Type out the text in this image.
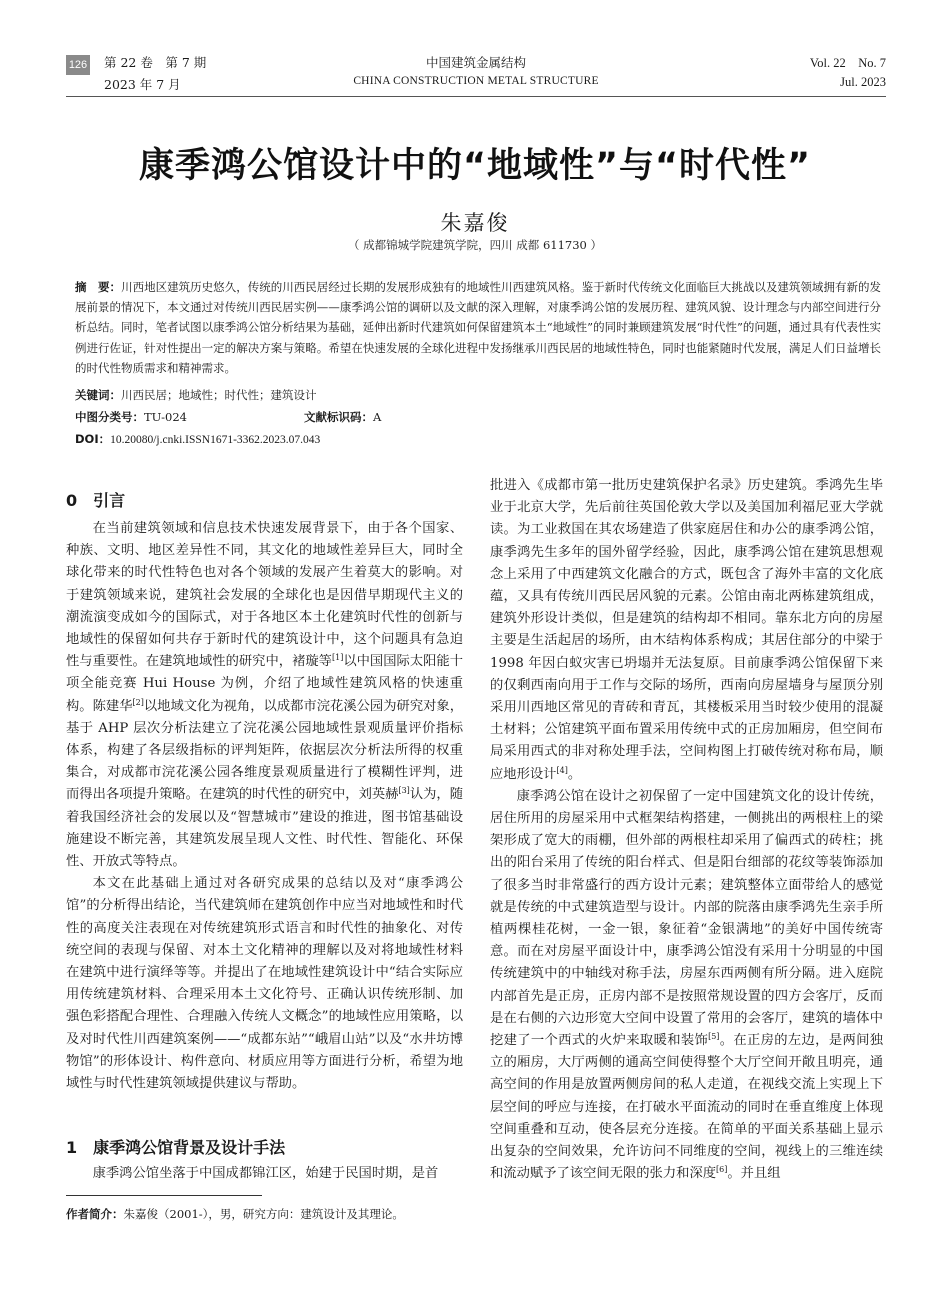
126 第 22 卷　第 7 期
2023 年 7 月
中国建筑金属结构
CHINA CONSTRUCTION METAL STRUCTURE
Vol. 22　No. 7
Jul. 2023
康季鸿公馆设计中的“地域性”与“时代性”
朱嘉俊
（ 成都锦城学院建筑学院，四川 成都 611730 ）
摘　要：川西地区建筑历史悠久，传统的川西民居经过长期的发展形成独有的地域性川西建筑风格。鉴于新时代传统文化面临巨大挑战以及建筑领域拥有新的发展前景的情况下，本文通过对传统川西民居实例——康季鸿公馆的调研以及文献的深入理解，对康季鸿公馆的发展历程、建筑风貌、设计理念与内部空间进行分析总结。同时，笔者试图以康季鸿公馆分析结果为基础，延伸出新时代建筑如何保留建筑本土“地域性”的同时兼顾建筑发展“时代性”的问题，通过具有代表性实例进行佐证，针对性提出一定的解决方案与策略。希望在快速发展的全球化进程中发扬继承川西民居的地域性特色，同时也能紧随时代发展，满足人们日益增长的时代性物质需求和精神需求。
关键词：川西民居；地域性；时代性；建筑设计
中图分类号：TU-024	文献标识码：A
DOI：10.20080/j.cnki.ISSN1671-3362.2023.07.043
0　引言

在当前建筑领域和信息技术快速发展背景下，由于各个国家、种族、文明、地区差异性不同，其文化的地域性差异巨大，同时全球化带来的时代性特色也对各个领域的发展产生着莫大的影响。对于建筑领域来说，建筑社会发展的全球化也是因借早期现代主义的潮流演变成如今的国际式，对于各地区本土化建筑时代性的创新与地域性的保留如何共存于新时代的建筑设计中，这个问题具有急迫性与重要性。在建筑地域性的研究中，褚璇等[1]以中国国际太阳能十项全能竞赛 Hui House 为例，介绍了地域性建筑风格的快速重构。陈建华[2]以地域文化为视角，以成都市浣花溪公园为研究对象，基于 AHP 层次分析法建立了浣花溪公园地域性景观质量评价指标体系，构建了各层级指标的评判矩阵，依据层次分析法所得的权重集合，对成都市浣花溪公园各维度景观质量进行了模糊性评判，进而得出各项提升策略。在建筑的时代性的研究中，刘英赫[3]认为，随着我国经济社会的发展以及“智慧城市”建设的推进，图书馆基础设施建设不断完善，其建筑发展呈现人文性、时代性、智能化、环保性、开放式等特点。

本文在此基础上通过对各研究成果的总结以及对“康季鸿公馆”的分析得出结论，当代建筑师在建筑创作中应当对地域性和时代性的高度关注表现在对传统建筑形式语言和时代性的抽象化、对传统空间的表现与保留、对本土文化精神的理解以及对将地域性材料在建筑中进行演绎等等。并提出了在地域性建筑设计中“结合实际应用传统建筑材料、合理采用本土文化符号、正确认识传统形制、加强色彩搭配合理性、合理融入传统人文概念”的地域性应用策略，以及对时代性川西建筑案例——“成都东站”“峨眉山站”以及“水井坊博物馆”的形体设计、构件意向、材质应用等方面进行分析，希望为地域性与时代性建筑领域提供建议与帮助。

1　康季鸿公馆背景及设计手法

康季鸿公馆坐落于中国成都锦江区，始建于民国时期，是首

批进入《成都市第一批历史建筑保护名录》历史建筑。季鸿先生毕业于北京大学，先后前往英国伦敦大学以及美国加利福尼亚大学就读。为工业救国在其农场建造了供家庭居住和办公的康季鸿公馆，康季鸿先生多年的国外留学经验，因此，康季鸿公馆在建筑思想观念上采用了中西建筑文化融合的方式，既包含了海外丰富的文化底蕴，又具有传统川西民居风貌的元素。公馆由南北两栋建筑组成，建筑外形设计类似，但是建筑的结构却不相同。靠东北方向的房屋主要是生活起居的场所，由木结构体系构成；其居住部分的中梁于 1998 年因白蚁灾害已坍塌并无法复原。目前康季鸿公馆保留下来的仅剩西南向用于工作与交际的场所，西南向房屋墙身与屋顶分别采用川西地区常见的青砖和青瓦，其楼板采用当时较少使用的混凝土材料；公馆建筑平面布置采用传统中式的正房加厢房，但空间布局采用西式的非对称处理手法，空间构图上打破传统对称布局，顺应地形设计[4]。

康季鸿公馆在设计之初保留了一定中国建筑文化的设计传统，居住所用的房屋采用中式框架结构搭建，一侧挑出的两根柱上的梁架形成了宽大的雨棚，但外部的两根柱却采用了偏西式的砖柱；挑出的阳台采用了传统的阳台样式、但是阳台细部的花纹等装饰添加了很多当时非常盛行的西方设计元素；建筑整体立面带给人的感觉就是传统的中式建筑造型与设计。内部的院落由康季鸿先生亲手所植两棵桂花树，一金一银，象征着“金银满地”的美好中国传统寄意。而在对房屋平面设计中，康季鸿公馆没有采用十分明显的中国传统建筑中的中轴线对称手法，房屋东西两侧有所分隔。进入庭院内部首先是正房，正房内部不是按照常规设置的四方会客厅，反而是在右侧的六边形宽大空间中设置了常用的会客厅，建筑的墙体中挖建了一个西式的火炉来取暖和装饰[5]。在正房的左边，是两间独立的厢房，大厅两侧的通高空间使得整个大厅空间开敞且明亮，通高空间的作用是放置两侧房间的私人走道，在视线交流上实现上下层空间的呼应与连接，在打破水平面流动的同时在垂直维度上体现空间重叠和互动，使各层充分连接。在简单的平面关系基础上显示出复杂的空间效果，允许访问不同维度的空间，视线上的三维连续和流动赋予了该空间无限的张力和深度[6]。并且组

作者简介：朱嘉俊（2001-），男，研究方向：建筑设计及其理论。
